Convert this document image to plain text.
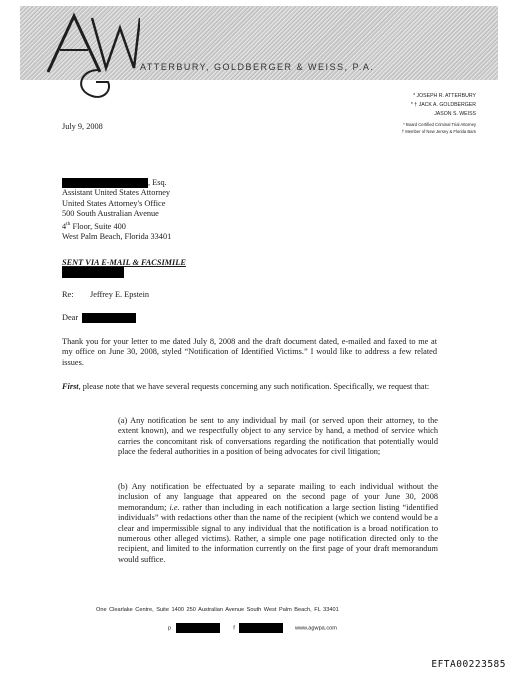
ATTERBURY, GOLDBERGER & WEISS, P.A.
* JOSEPH R. ATTERBURY
* † JACK A. GOLDBERGER
JASON S. WEISS
* Board Certified Criminal Trial Attorney
† Member of New Jersey & Florida Bars
July 9, 2008
, Esq.
Assistant United States Attorney
United States Attorney's Office
500 South Australian Avenue
4th Floor, Suite 400
West Palm Beach, Florida 33401
SENT VIA E-MAIL & FACSIMILE
Re: Jeffrey E. Epstein
Dear
Thank you for your letter to me dated July 8, 2008 and the draft document dated, e-mailed and faxed to me at my office on June 30, 2008, styled “Notification of Identified Victims.” I would like to address a few related issues.
First, please note that we have several requests concerning any such notification. Specifically, we request that:
(a) Any notification be sent to any individual by mail (or served upon their attorney, to the extent known), and we respectfully object to any service by hand, a method of service which carries the concomitant risk of conversations regarding the notification that potentially would place the federal authorities in a position of being advocates for civil litigation;
(b) Any notification be effectuated by a separate mailing to each individual without the inclusion of any language that appeared on the second page of your June 30, 2008 memorandum; i.e. rather than including in each notification a large section listing “identified individuals” with redactions other than the name of the recipient (which we contend would be a clear and impermissible signal to any individual that the notification is a broad notification to numerous other alleged victims). Rather, a simple one page notification directed only to the recipient, and limited to the information currently on the first page of your draft memorandum would suffice.
One Clearlake Centre, Suite 1400 250 Australian Avenue South West Palm Beach, FL 33401
p	f	www.agwpa.com
EFTA00223585
